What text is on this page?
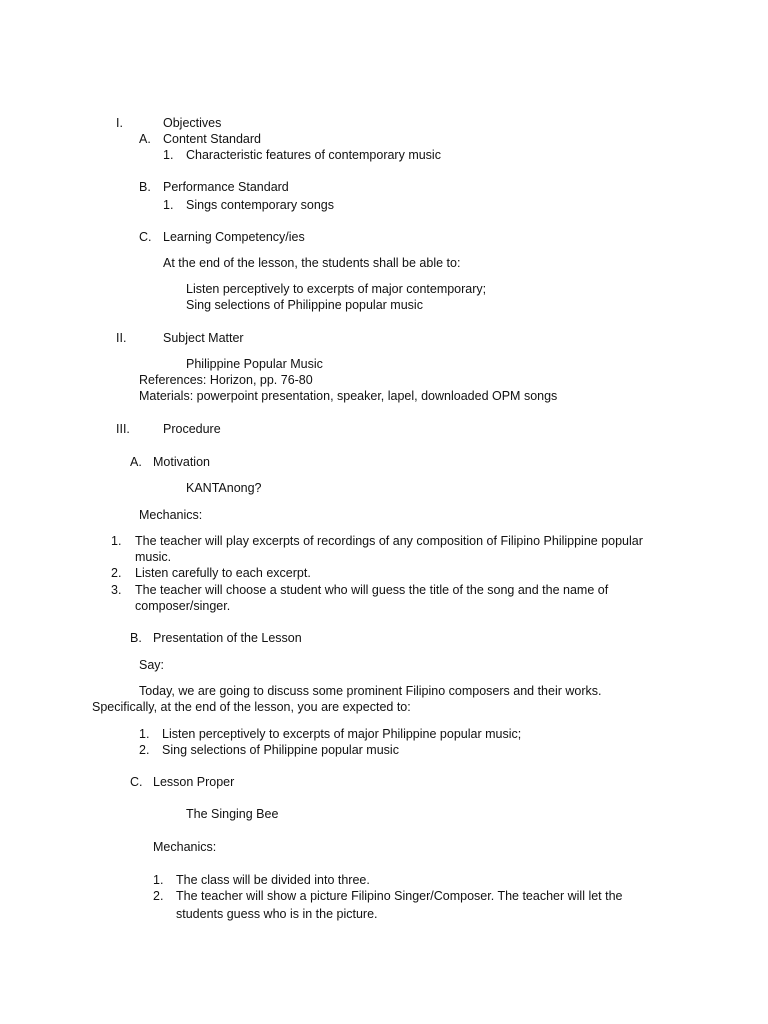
I.	Objectives
A. Content Standard
1. Characteristic features of contemporary music
B. Performance Standard
1. Sings contemporary songs
C. Learning Competency/ies
At the end of the lesson, the students shall be able to:
Listen perceptively to excerpts of major contemporary;
Sing selections of Philippine popular music
II.	Subject Matter
Philippine Popular Music
References: Horizon, pp. 76-80
Materials: powerpoint presentation, speaker, lapel, downloaded OPM songs
III.	Procedure
A. Motivation
KANTAnong?
Mechanics:
1. The teacher will play excerpts of recordings of any composition of Filipino Philippine popular
music.
2. Listen carefully to each excerpt.
3. The teacher will choose a student who will guess the title of the song and the name of
composer/singer.
B. Presentation of the Lesson
Say:
Today, we are going to discuss some prominent Filipino composers and their works.
Specifically, at the end of the lesson, you are expected to:
1. Listen perceptively to excerpts of major Philippine popular music;
2. Sing selections of Philippine popular music
C. Lesson Proper
The Singing Bee
Mechanics:
1. The class will be divided into three.
2. The teacher will show a picture Filipino Singer/Composer. The teacher will let the
students guess who is in the picture.
